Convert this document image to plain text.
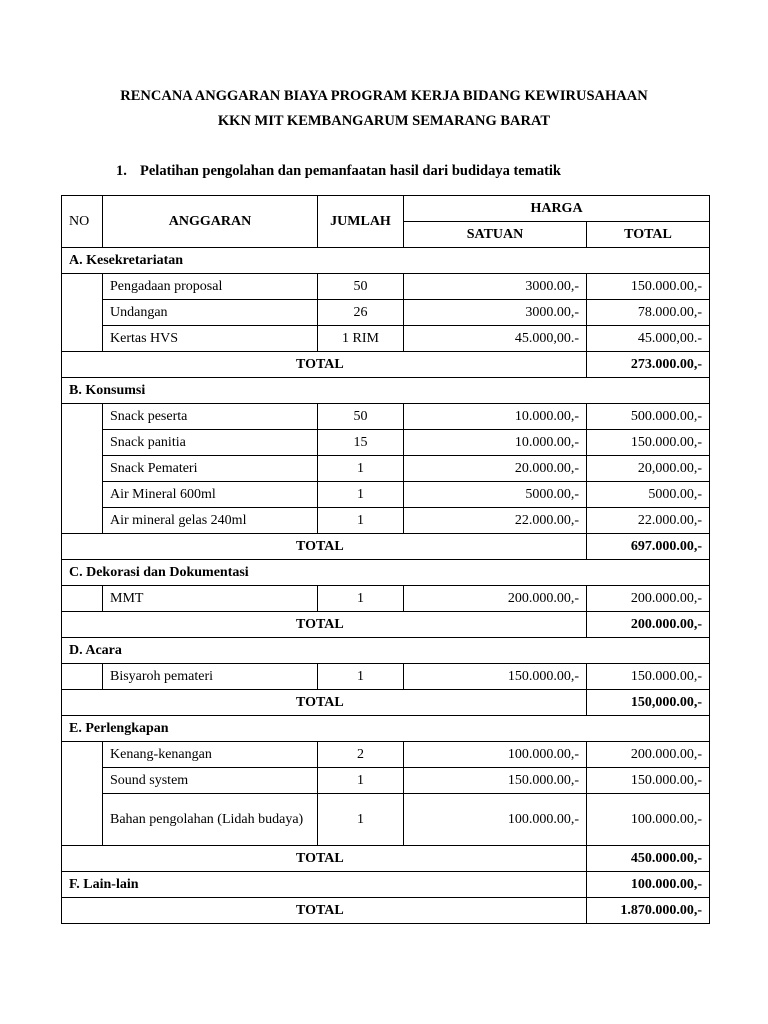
RENCANA ANGGARAN BIAYA PROGRAM KERJA BIDANG KEWIRUSAHAAN
KKN MIT KEMBANGARUM SEMARANG BARAT
1. Pelatihan pengolahan dan pemanfaatan hasil dari budidaya tematik
NO	ANGGARAN	JUMLAH	HARGA	
			SATUAN	TOTAL
A. Kesekretariatan				
	Pengadaan proposal	50	3000.00,-	150.000.00,-
	Undangan	26	3000.00,-	78.000.00,-
	Kertas HVS	1 RIM	45.000,00.-	45.000,00.-
TOTAL				273.000.00,-
B. Konsumsi				
	Snack peserta	50	10.000.00,-	500.000.00,-
	Snack panitia	15	10.000.00,-	150.000.00,-
	Snack Pemateri	1	20.000.00,-	20,000.00,-
	Air Mineral 600ml	1	5000.00,-	5000.00,-
	Air mineral gelas 240ml	1	22.000.00,-	22.000.00,-
TOTAL				697.000.00,-
C. Dekorasi dan Dokumentasi				
	MMT	1	200.000.00,-	200.000.00,-
TOTAL				200.000.00,-
D. Acara				
	Bisyaroh pemateri	1	150.000.00,-	150.000.00,-
TOTAL				150,000.00,-
E. Perlengkapan				
	Kenang-kenangan	2	100.000.00,-	200.000.00,-
	Sound system	1	150.000.00,-	150.000.00,-
	Bahan pengolahan (Lidah budaya)	1	100.000.00,-	100.000.00,-
TOTAL				450.000.00,-
F. Lain-lain				100.000.00,-
TOTAL				1.870.000.00,-
